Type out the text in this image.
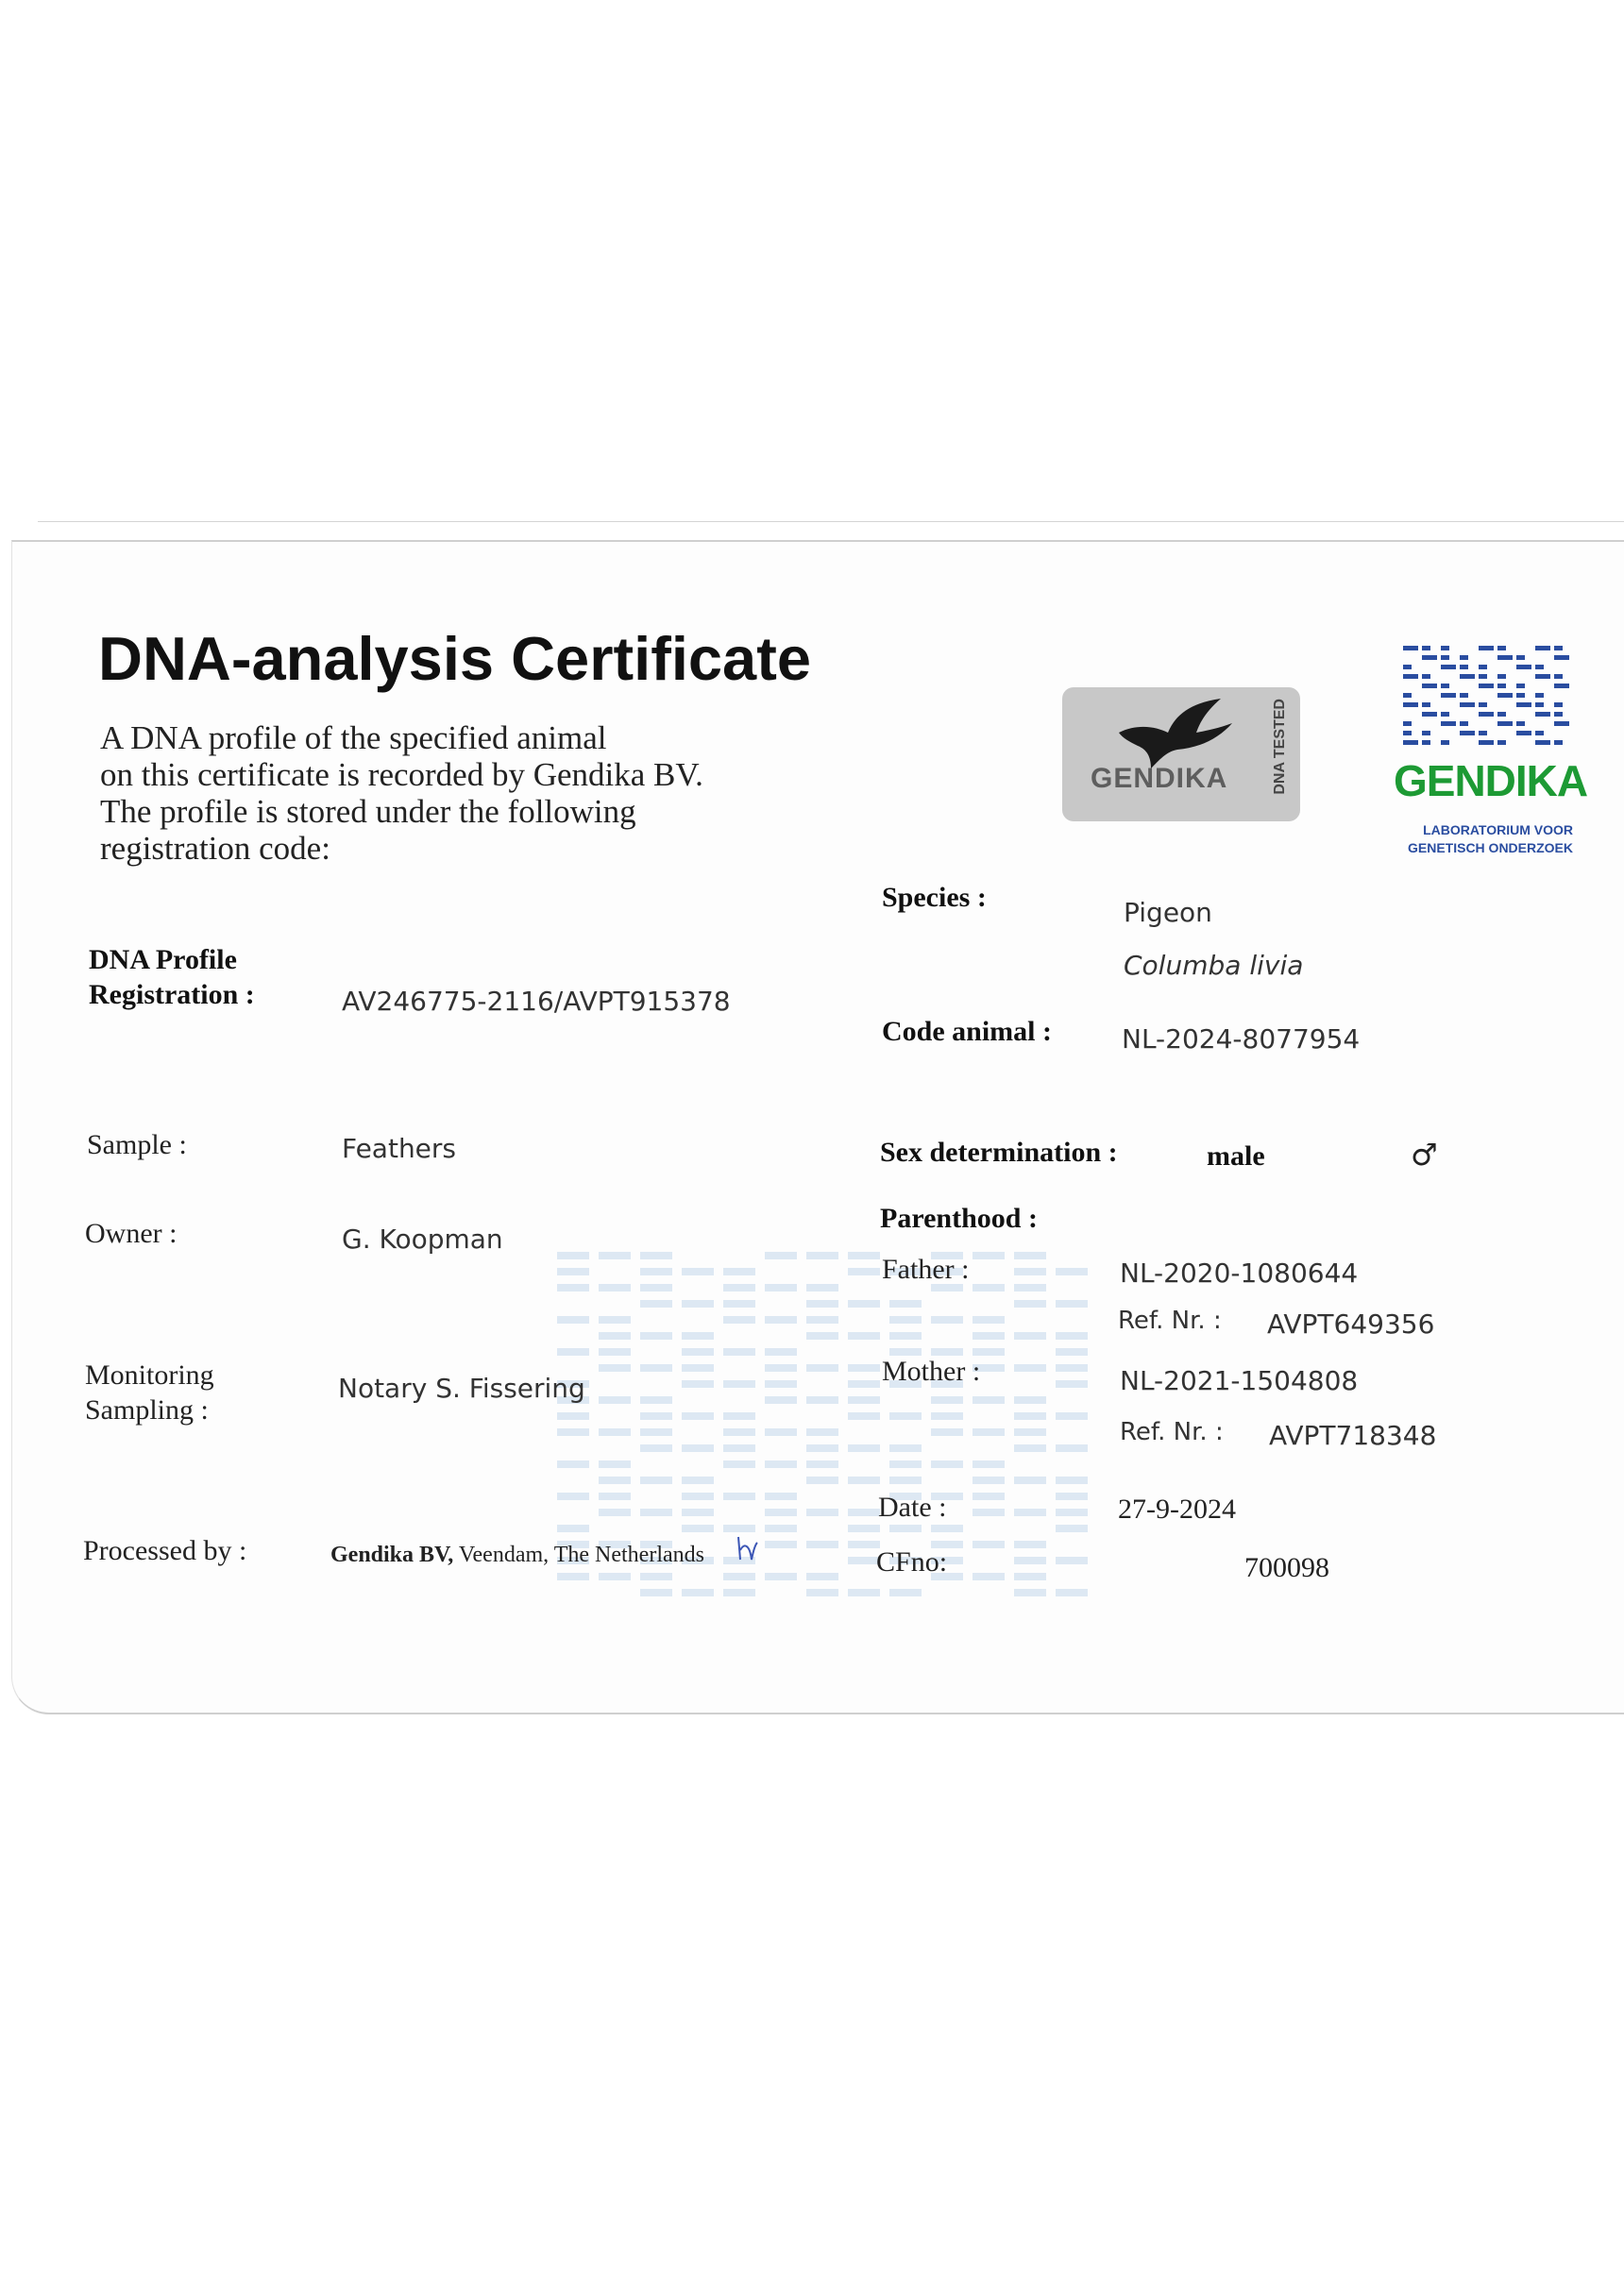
DNA-analysis Certificate
A DNA profile of the specified animal
on this certificate is recorded by Gendika BV.
The profile is stored under the following
registration code:
GENDIKA	DNA TESTED GENDIKA
LABORATORIUM VOOR
GENETISCH ONDERZOEK
DNA Profile
Registration :	AV246775-2116/AVPT915378
Sample :	Feathers
Owner :	G. Koopman
Monitoring
Sampling :
Notary S. Fissering
Processed by :	Gendika BV, Veendam, The Netherlands
Species :	Pigeon
Columba livia
Code animal :	NL-2024-8077954
Sex determination :	male	♂
Parenthood :
Father :	NL-2020-1080644
Ref. Nr. : AVPT649356
Mother :	NL-2021-1504808
Ref. Nr. : AVPT718348
Date :	27-9-2024
CFno:	700098
